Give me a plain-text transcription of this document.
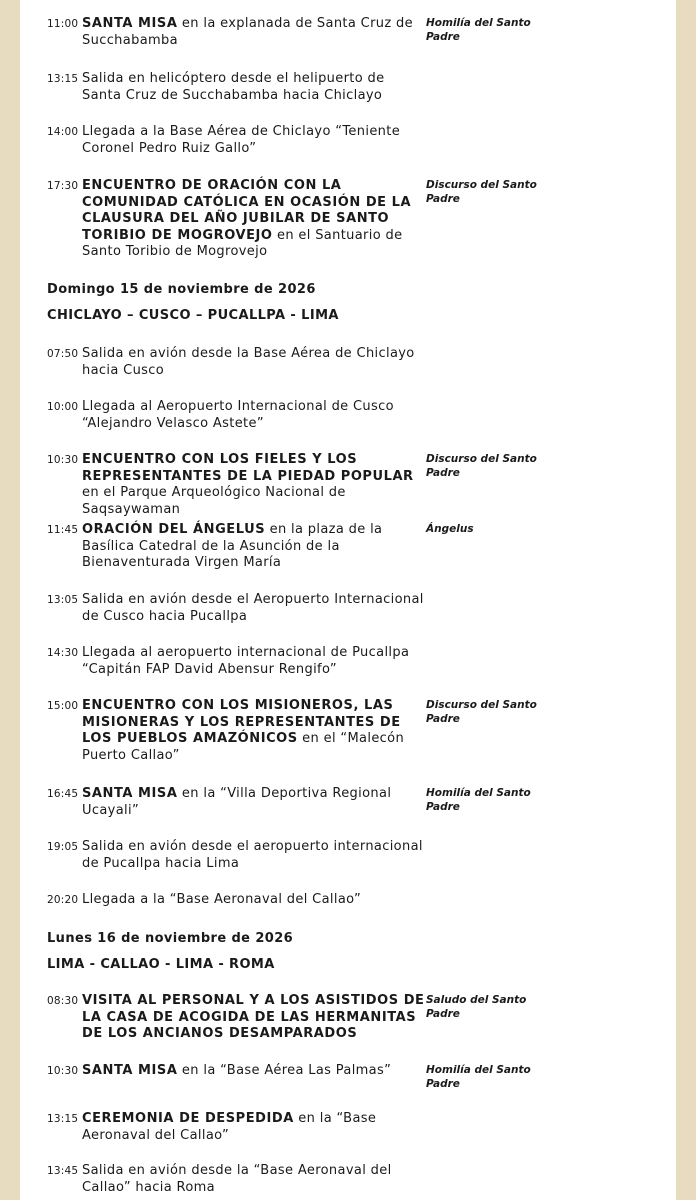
11:00 SANTA MISA en la explanada de Santa Cruz de Succhabamba
Homilía del Santo Padre
13:15 Salida en helicóptero desde el helipuerto de Santa Cruz de Succhabamba hacia Chiclayo
14:00 Llegada a la Base Aérea de Chiclayo “Teniente Coronel Pedro Ruiz Gallo”
17:30 ENCUENTRO DE ORACIÓN CON LA COMUNIDAD CATÓLICA EN OCASIÓN DE LA CLAUSURA DEL AÑO JUBILAR DE SANTO TORIBIO DE MOGROVEJO en el Santuario de Santo Toribio de Mogrovejo
Discurso del Santo Padre
Domingo 15 de noviembre de 2026
CHICLAYO – CUSCO – PUCALLPA - LIMA
07:50 Salida en avión desde la Base Aérea de Chiclayo hacia Cusco
10:00 Llegada al Aeropuerto Internacional de Cusco “Alejandro Velasco Astete”
10:30 ENCUENTRO CON LOS FIELES Y LOS REPRESENTANTES DE LA PIEDAD POPULAR en el Parque Arqueológico Nacional de Saqsaywaman
Discurso del Santo Padre
11:45 ORACIÓN DEL ÁNGELUS en la plaza de la Basílica Catedral de la Asunción de la Bienaventurada Virgen María
Ángelus
13:05 Salida en avión desde el Aeropuerto Internacional de Cusco hacia Pucallpa
14:30 Llegada al aeropuerto internacional de Pucallpa “Capitán FAP David Abensur Rengifo”
15:00 ENCUENTRO CON LOS MISIONEROS, LAS MISIONERAS Y LOS REPRESENTANTES DE LOS PUEBLOS AMAZÓNICOS en el “Malecón Puerto Callao”
Discurso del Santo Padre
16:45 SANTA MISA en la “Villa Deportiva Regional Ucayali”
Homilía del Santo Padre
19:05 Salida en avión desde el aeropuerto internacional de Pucallpa hacia Lima
20:20 Llegada a la “Base Aeronaval del Callao”
Lunes 16 de noviembre de 2026
LIMA - CALLAO - LIMA - ROMA
08:30 VISITA AL PERSONAL Y A LOS ASISTIDOS DE LA CASA DE ACOGIDA DE LAS HERMANITAS DE LOS ANCIANOS DESAMPARADOS
Saludo del Santo Padre
10:30 SANTA MISA en la “Base Aérea Las Palmas”	Homilía del Santo Padre
13:15 CEREMONIA DE DESPEDIDA en la “Base Aeronaval del Callao”
13:45 Salida en avión desde la “Base Aeronaval del Callao” hacia Roma
